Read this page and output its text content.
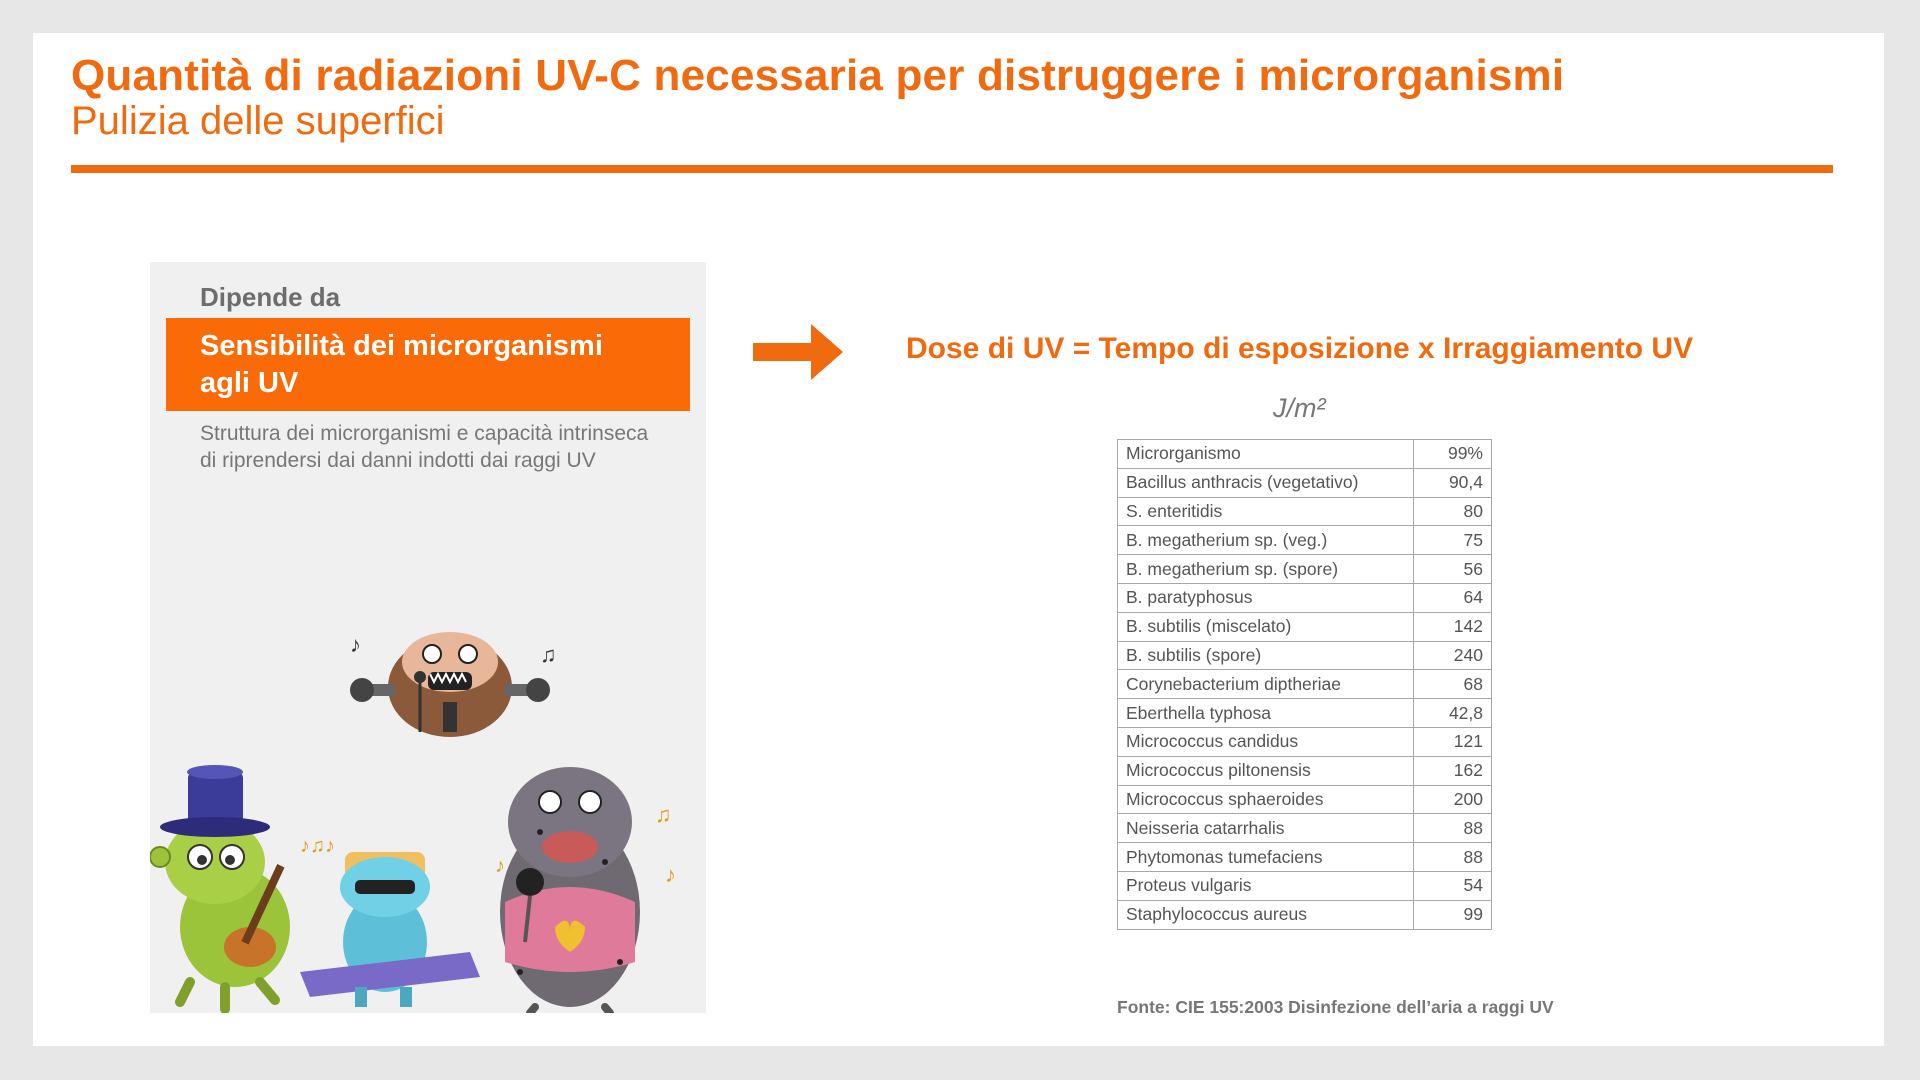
Quantità di radiazioni UV-C necessaria per distruggere i microrganismi
Pulizia delle superfici
Dipende da
Sensibilità dei microrganismi
agli UV
Struttura dei microrganismi e capacità intrinseca di riprendersi dai danni indotti dai raggi UV
♪	♫
♪♫♪
♫
♪
♪
Dose di UV = Tempo di esposizione x Irraggiamento UV
J/m²
Microrganismo	99%
Bacillus anthracis (vegetativo)	90,4
S. enteritidis	80
B. megatherium sp. (veg.)	75
B. megatherium sp. (spore)	56
B. paratyphosus	64
B. subtilis (miscelato)	142
B. subtilis (spore)	240
Corynebacterium diptheriae	68
Eberthella typhosa	42,8
Micrococcus candidus	121
Micrococcus piltonensis	162
Micrococcus sphaeroides	200
Neisseria catarrhalis	88
Phytomonas tumefaciens	88
Proteus vulgaris	54
Staphylococcus aureus	99
Fonte: CIE 155:2003 Disinfezione dell’aria a raggi UV
